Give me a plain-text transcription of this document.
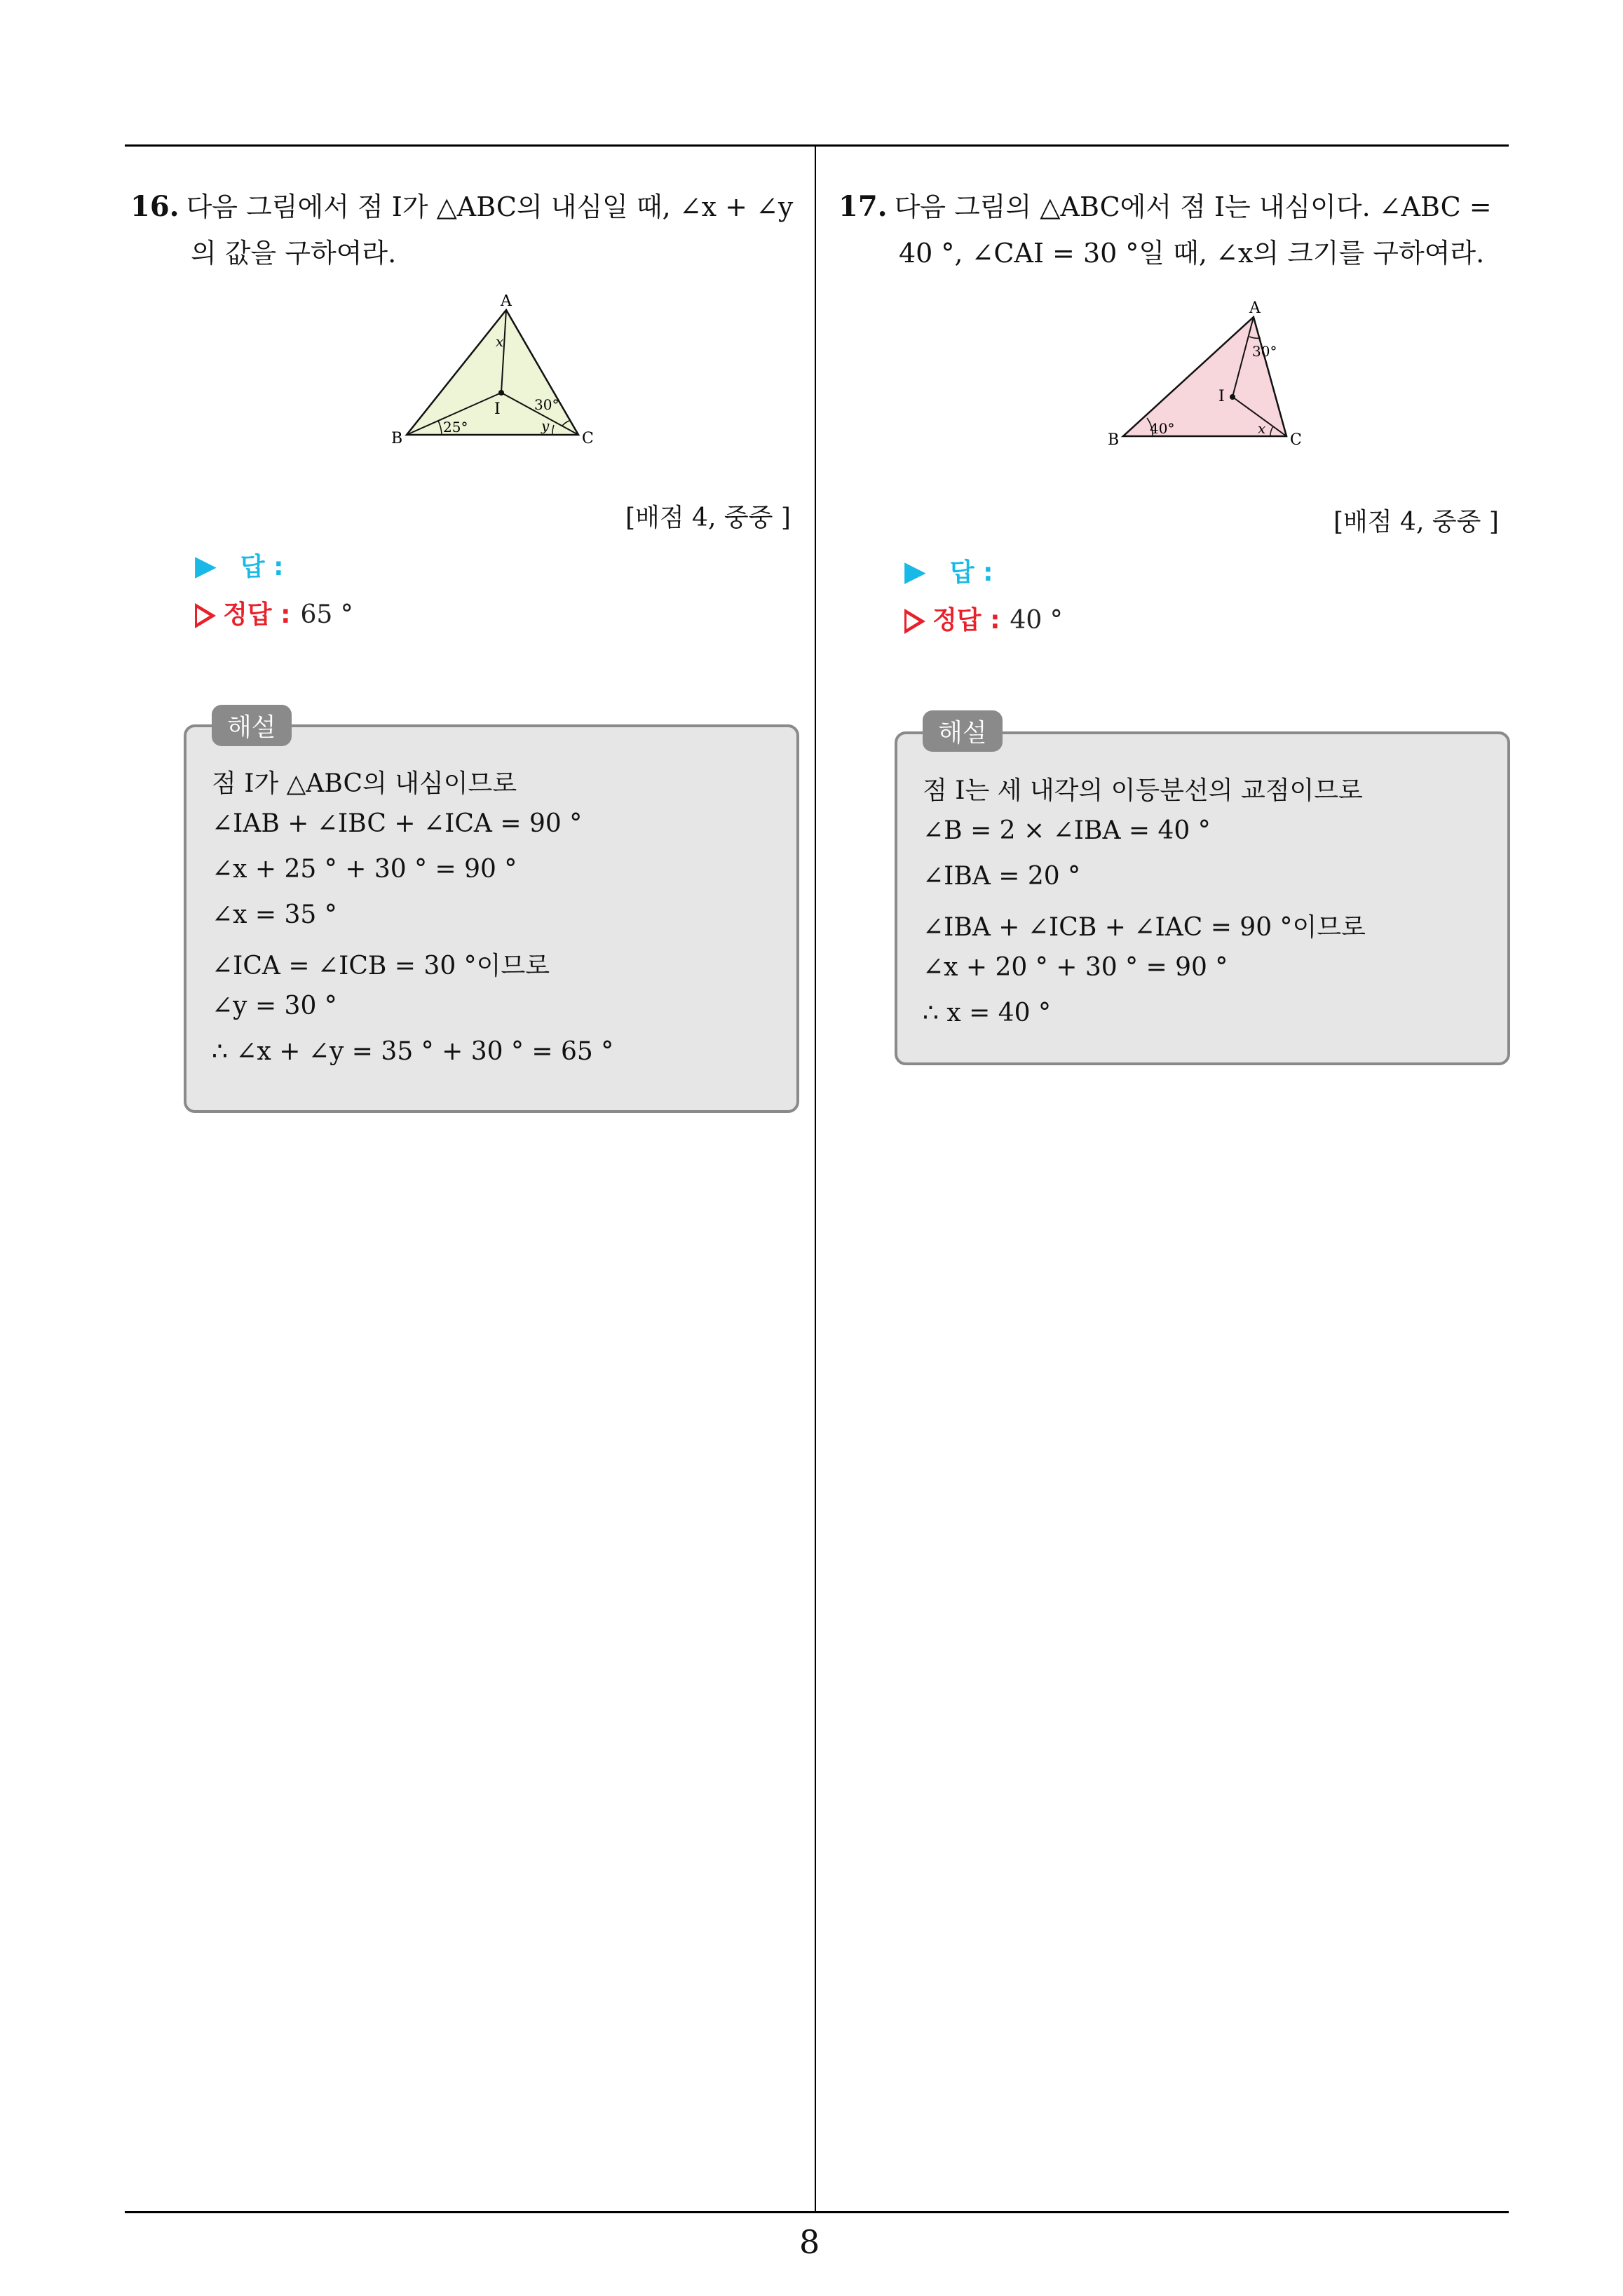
16. 다음 그림에서 점 I가 △ABC의 내심일 때, ∠x + ∠y
의 값을 구하여라.
A
B	C
I
x
y
25°
30°
[배점 4, 중중 ]
▶ 답 :
정답 : 65 °
점 I가 △ABC의 내심이므로
∠IAB + ∠IBC + ∠ICA = 90 °
∠x + 25 ° + 30 ° = 90 °
∠x = 35 °
∠ICA = ∠ICB = 30 °이므로
∠y = 30 °
∴ ∠x + ∠y = 35 ° + 30 ° = 65 °
해설
17. 다음 그림의 △ABC에서 점 I는 내심이다. ∠ABC =
40 °, ∠CAI = 30 °일 때, ∠x의 크기를 구하여라.
A
B	C
I
x
40°
30°
[배점 4, 중중 ]
▶ 답 :
정답 : 40 °
점 I는 세 내각의 이등분선의 교점이므로
∠B = 2 × ∠IBA = 40 °
∠IBA = 20 °
∠IBA + ∠ICB + ∠IAC = 90 °이므로
∠x + 20 ° + 30 ° = 90 °
∴ x = 40 °
해설
8
